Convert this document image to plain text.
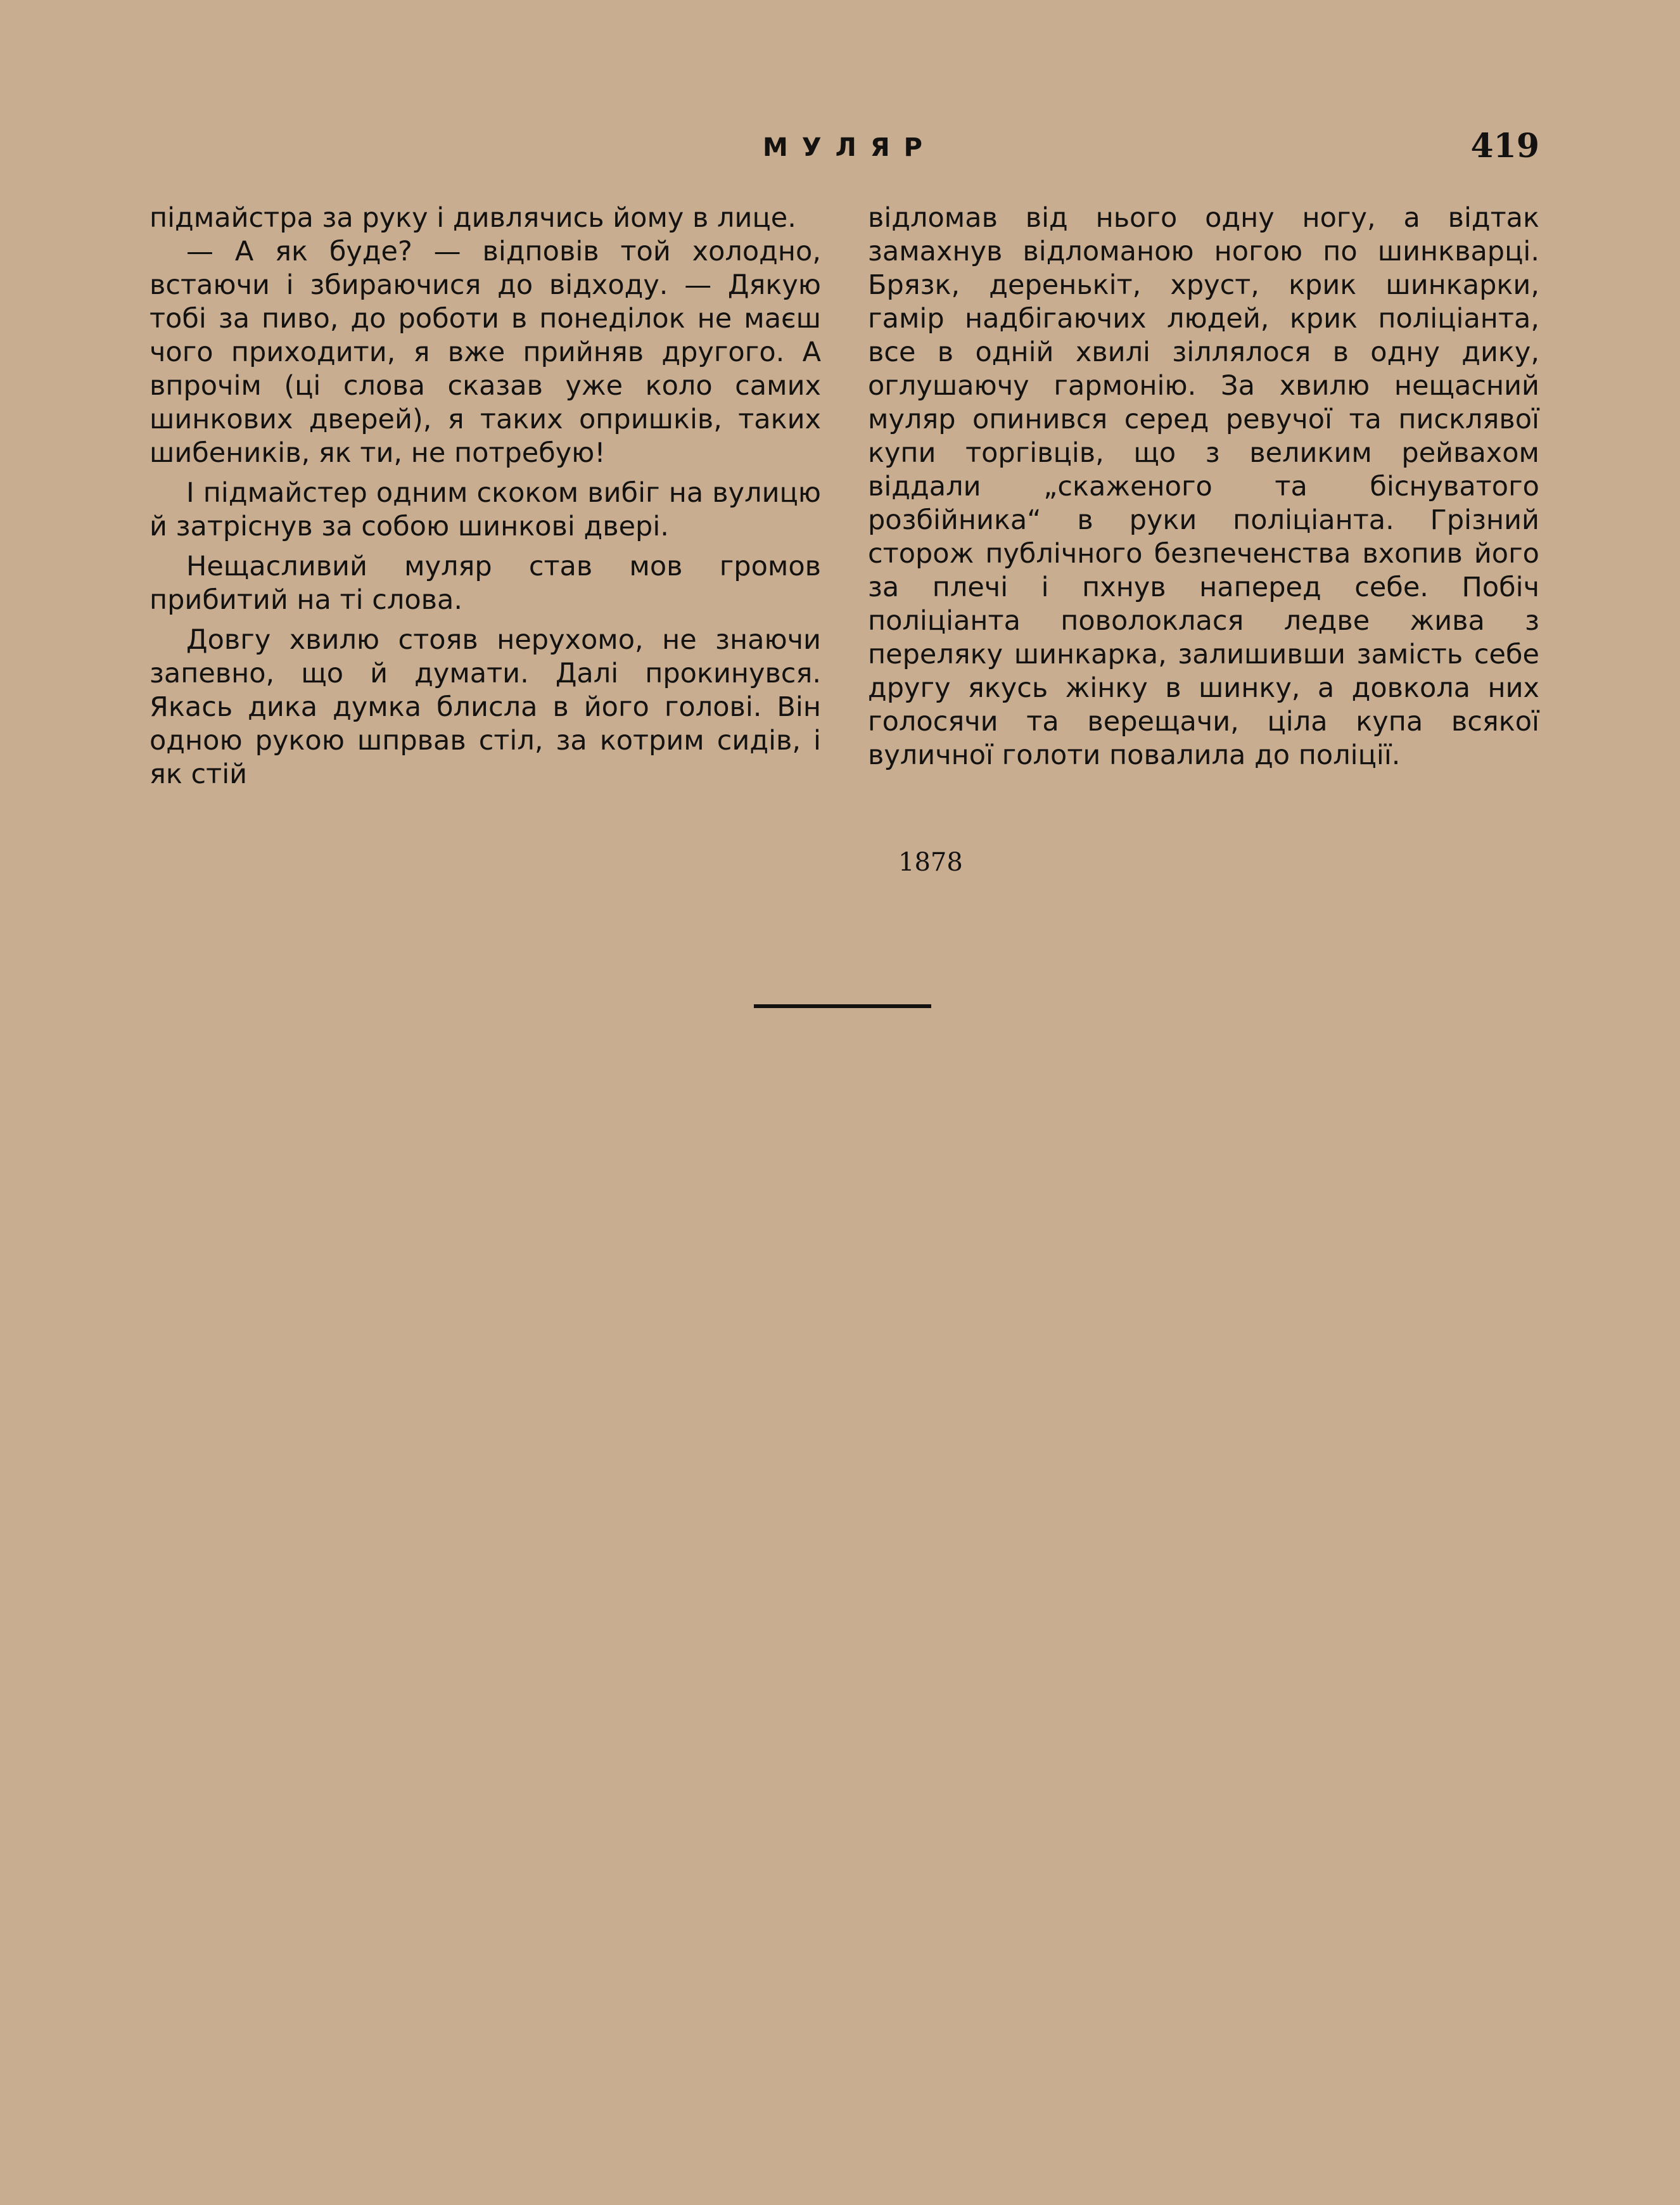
МУЛЯР	419

підмайстра за руку і дивлячись йому в лице.

— А як буде? — відповів той холодно, встаючи і збираючися до відходу. — Дякую тобі за пиво, до роботи в понеділок не маєш чого приходити, я вже прийняв другого. А впрочім (ці слова сказав уже коло самих шинкових дверей), я таких опришків, таких шибеників, як ти, не потребую!

І підмайстер одним скоком вибіг на вулицю й затріснув за собою шинкові двері.

Нещасливий муляр став мов громов прибитий на ті слова.

Довгу хвилю стояв нерухомо, не знаючи запевно, що й думати. Далі прокинувся. Якась дика думка блисла в його голові. Він одною рукою шпрвав стіл, за котрим сидів, і як стій

відломав від нього одну ногу, а відтак замахнув відломаною ногою по шинкварці. Брязк, деренькіт, хруст, крик шинкарки, гамір надбігаючих людей, крик поліціанта, все в одній хвилі зіллялося в одну дику, оглушаючу гармонію. За хвилю нещасний муляр опинився серед ревучої та писклявої купи торгівців, що з великим рейвахом віддали „скаженого та біснуватого розбійника“ в руки поліціанта. Грізний сторож публічного безпеченства вхопив його за плечі і пхнув наперед себе. Побіч поліціанта поволоклася ледве жива з переляку шинкарка, залишивши замість себе другу якусь жінку в шинку, а довкола них голосячи та верещачи, ціла купа всякої вуличної голоти повалила до поліції.

1878
